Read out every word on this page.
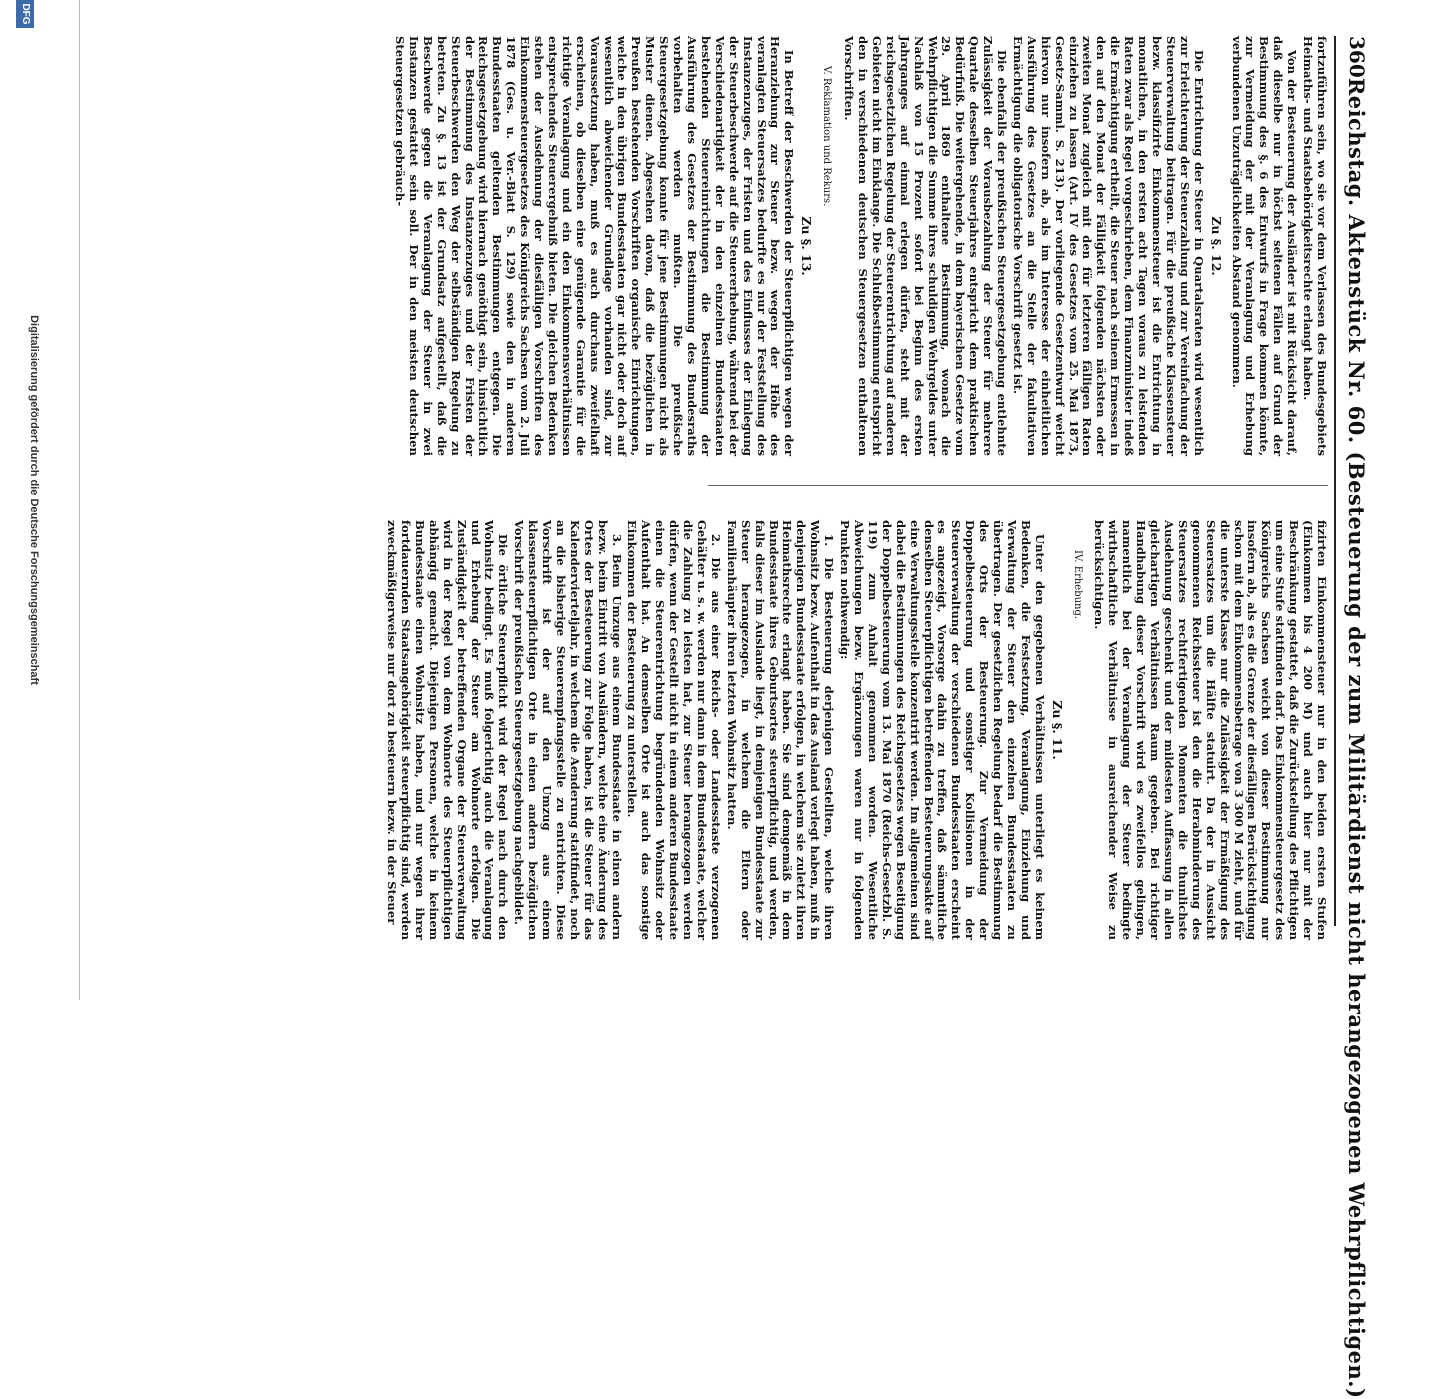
360
Reichstag. Aktenstück Nr. 60. (Besteuerung der zum Militärdienst nicht herangezogenen Wehrpflichtigen.)

fizirten Einkommensteuer nur in den beiden ersten Stufen (Einkommen bis 4 200 M) und auch hier nur mit der Beschränkung gestattet, daß die Zurückstellung des Pflichtigen um eine Stufe stattfinden darf. Das Einkommensteuergesetz des Königreichs Sachsen weicht von dieser Bestimmung nur insofern ab, als es die Grenze der diesfälligen Berücksichtigung schon mit dem Einkommensbetrage von 3 300 M zieht, und für die unterste Klasse nur die Zulässigkeit der Ermäßigung des Steuersatzes um die Hälfte statuirt. Da der in Aussicht genommenen Reichssteuer ist den die Herabminderung des Steuersatzes rechtfertigenden Momenten die thunlichste Ausdehnung geschenkt und der mildesten Auffassung in allen gleichartigen Verhältnissen Raum gegeben. Bei richtiger Handhabung dieser Vorschrift wird es zweifellos gelingen, namentlich bei der Veranlagung der Steuer bedingte wirthschaftliche Verhältnisse in ausreichender Weise zu berücksichtigen.

IV. Erhebung.

Zu §. 11.

Unter den gegebenen Verhältnissen unterliegt es keinem Bedenken, die Festsetzung, Veranlagung, Einziehung und Verwaltung der Steuer den einzelnen Bundesstaaten zu übertragen. Der gesetzlichen Regelung bedarf die Bestimmung des Orts der Besteuerung. Zur Vermeidung der Doppelbesteuerung und sonstiger Kollisionen in der Steuerverwaltung der verschiedenen Bundesstaaten erscheint es angezeigt, Vorsorge dahin zu treffen, daß sämmtliche denselben Steuerpflichtigen betreffenden Besteuerungsakte auf eine Verwaltungsstelle konzentrirt werden. Im allgemeinen sind dabei die Bestimmungen des Reichsgesetzes wegen Beseitigung der Doppelbesteuerung vom 13. Mai 1870 (Reichs-Gesetzbl. S. 119) zum Anhalt genommen worden. Wesentliche Abweichungen bezw. Ergänzungen waren nur in folgenden Punkten nothwendig:

1. Die Besteuerung derjenigen Gestellten, welche ihren Wohnsitz bezw. Aufenthalt in das Ausland verlegt haben, muß in denjenigen Bundesstaate erfolgen, in welchem sie zuletzt ihren Heimathsrechte erlangt haben. Sie sind demgemäß in dem Bundesstaate ihres Geburtsortes steuerpflichtig, und werden, falls dieser im Auslande liegt, in demjenigen Bundesstaate zur Steuer herangezogen, in welchem die Eltern oder Familienhäupter ihren letzten Wohnsitz hatten.

2. Die aus einer Reichs- oder Landesstaste verzogenen Gehälter u. s. w. werden nur dann in dem Bundesstaate, welcher die Zahlung zu leisten hat, zur Steuer herangezogen werden dürfen, wenn der Gestellt nicht in einem anderen Bundesstaate einen die Steuerentrichtung begründenden Wohnsitz oder Aufenthalt hat. An demselben Orte ist auch das sonstige Einkommen der Besteuerung zu unterstellen.

3. Beim Umzuge aus einem Bundesstaate in einen andern bezw. beim Eintritt von Ausländern, welche eine Änderung des Ortes der Besteuerung zur Folge haben, ist die Steuer für das Kalendervierteljahr, in welchem die Aenderung stattfindet, noch an die bisherige Steuerempfangsstelle zu entrichten. Diese Vorschrift ist der auf den Umzug aus einem klassensteuerpflichtigen Orte in einen andern bezüglichen Vorschrift der preußischen Steuergesetzgebung nachgebildet.

Die örtliche Steuerpflicht wird der Regel nach durch den Wohnsitz bedingt. Es muß folgerichtig auch die Veranlagung und Erhebung der Steuer am Wohnorte erfolgen. Die Zuständigkeit der betreffenden Organe der Steuerverwaltung wird in der Regel von dem Wohnorte des Steuerpflichtigen abhängig gemacht. Diejenigen Personen, welche in keinem Bundesstaate einen Wohnsitz haben, und nur wegen ihrer fortdauernden Staatsangehörigkeit steuerpflichtig sind, werden zweckmäßigerweise nur dort zu besteuern bezw. in der Steuer

fortzuführen sein, wo sie vor dem Verlassen des Bundesgebiets Heimaths- und Staatsbehörigkeitsrechte erlangt haben.

Von der Besteuerung der Ausländer ist mit Rücksicht darauf, daß dieselbe nur in höchst seltenen Fällen auf Grund der Bestimmung des §. 6 des Entwurfs in Frage kommen könnte, zur Vermeidung der mit der Veranlagung und Erhebung verbundenen Unzuträglichkeiten Abstand genommen.

Zu §. 12.

Die Entrichtung der Steuer in Quartalsraten wird wesentlich zur Erleichterung der Steuerzahlung und zur Vereinfachung der Steuerverwaltung beitragen. Für die preußische Klassensteuer bezw. klassifizirte Einkommensteuer ist die Entrichtung in monatlichen, in den ersten acht Tagen voraus zu leistenden Raten zwar als Regel vorgeschrieben, dem Finanzminister indeß die Ermächtigung ertheilt, die Steuer nach seinem Ermessen in den auf den Monat der Fälligkeit folgenden nächsten oder zweiten Monat zugleich mit den für letzteren fälligen Raten einziehen zu lassen (Art. IV des Gesetzes vom 25. Mai 1873, Gesetz-Samml. S. 213). Der vorliegende Gesetzentwurf weicht hiervon nur insofern ab, als im Interesse der einheitlichen Ausführung des Gesetzes an die Stelle der fakultativen Ermächtigung die obligatorische Vorschrift gesetzt ist.

Die ebenfalls der preußischen Steuergesetzgebung entlehnte Zulässigkeit der Vorausbezahlung der Steuer für mehrere Quartale desselben Steuerjahres entspricht dem praktischen Bedürfniß. Die weitergehende, in dem bayerischen Gesetze vom 29. April 1869 enthaltene Bestimmung, wonach die Wehrpflichtigen die Summe ihres schuldigen Wehrgeldes unter Nachlaß von 15 Prozent sofort bei Beginn des ersten Jahrganges auf einmal erlegen dürfen, steht mit der reichsgesetzlichen Regelung der Steuerentrichtung auf anderen Gebieten nicht im Einklange. Die Schlußbestimmung entspricht den in verschiedenen deutschen Steuergesetzen enthaltenen Vorschriften.

V. Reklamation und Rekurs.

Zu §. 13.

In Betreff der Beschwerden der Steuerpflichtigen wegen der Heranziehung zur Steuer bezw. wegen der Höhe des veranlagten Steuersatzes bedurfte es nur der Feststellung des Instanzenzuges, der Fristen und des Einflusses der Einlegung der Steuerbeschwerde auf die Steuererhebung, während bei der Verschiedenartigkeit der in den einzelnen Bundesstaaten bestehenden Steuereinrichtungen die Bestimmung der Ausführung des Gesetzes der Bestimmung des Bundesraths vorbehalten werden mußten. Die preußische Steuergesetzgebung konnte für jene Bestimmungen nicht als Muster dienen. Abgesehen davon, daß die bezüglichen in Preußen bestehenden Vorschriften organische Einrichtungen, welche in den übrigen Bundesstaaten gar nicht oder doch auf wesentlich abweichender Grundlage vorhanden sind, zur Voraussetzung haben, muß es auch durchaus zweifelhaft erscheinen, ob dieselben eine genügende Garantie für die richtige Veranlagung und ein den Einkommensverhältnissen entsprechendes Steuerergebniß bieten. Die gleichen Bedenken stehen der Ausdehnung der diesfälligen Vorschriften des Einkommensteuergesetzes des Königreichs Sachsen vom 2. Juli 1878 (Ges. u. Ver.-Blatt S. 129) sowie den in anderen Bundesstaaten geltenden Bestimmungen entgegen. Die Reichsgesetzgebung wird hiernach genöthigt sein, hinsichtlich der Bestimmung des Instanzenzuges und der Fristen der Steuerbeschwerden den Weg der selbständigen Regelung zu betreten. Zu §. 13 ist der Grundsatz aufgestellt, daß die Beschwerde gegen die Veranlagung der Steuer in zwei Instanzen gestattet sein soll. Der in den meisten deutschen Steuergesetzen gebräuch-

DFG
Digitalisierung gefördert durch die Deutsche Forschungsgemeinschaft
